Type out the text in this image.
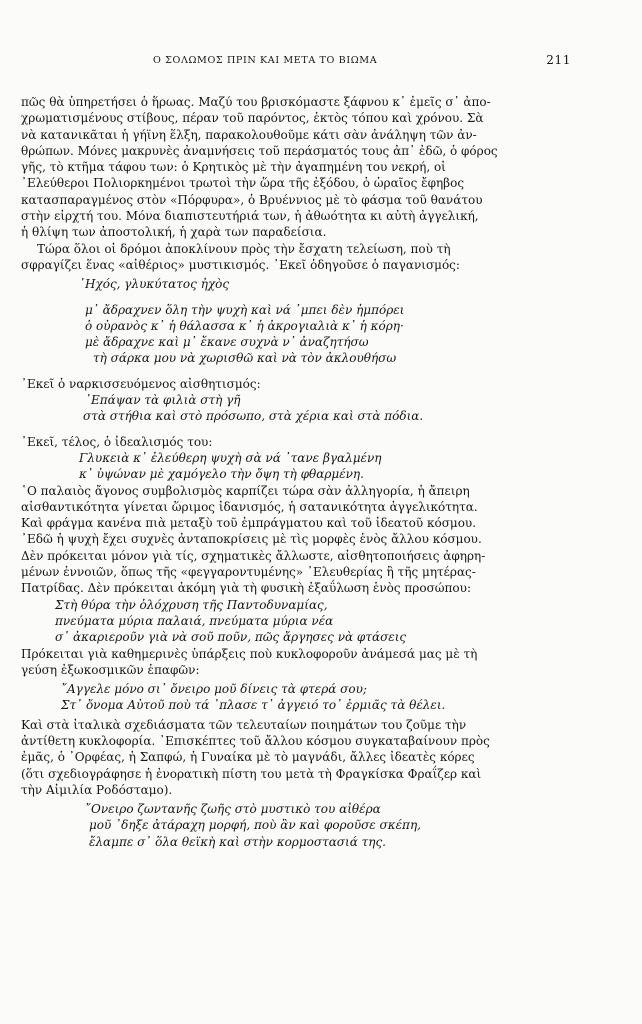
Ο ΣΟΛΩΜΟΣ ΠΡΙΝ ΚΑΙ ΜΕΤΑ ΤΟ ΒΙΩΜΑ	211

πῶς θὰ ὑπηρετήσει ὁ ἥρωας. Μαζύ του βρισκόμαστε ξάφνου κ᾿ ἐμεῖς σ᾿ ἀπο-
χρωματισμένους στίβους, πέραν τοῦ παρόντος, ἐκτὸς τόπου καὶ χρόνου. Σὰ
νὰ κατανικᾶται ἡ γήϊνη ἕλξη, παρακολουθοῦμε κάτι σὰν ἀνάληψη τῶν ἀν-
θρώπων. Μόνες μακρυνὲς ἀναμνήσεις τοῦ περάσματός τους ἀπ᾿ ἐδῶ, ὁ φόρος
γῆς, τὸ κτῆμα τάφου των: ὁ Κρητικὸς μὲ τὴν ἀγαπημένη του νεκρή, οἱ
᾿Ελεύθεροι Πολιορκημένοι τρωτοὶ τὴν ὥρα τῆς ἐξόδου, ὁ ὡραῖος ἔφηβος
κατασπαραγμένος στὸν «Πόρφυρα», ὁ Βρυέννιος μὲ τὸ φάσμα τοῦ θανάτου
στὴν εἰρχτή του. Μόνα διαπιστευτήριά των, ἡ ἀθωότητα κι αὐτὴ ἀγγελική,
ἡ θλίψη των ἀποστολική, ἡ χαρὰ των παραδείσια.

Τώρα ὅλοι οἱ δρόμοι ἀποκλίνουν πρὸς τὴν ἔσχατη τελείωση, ποὺ τὴ
σφραγίζει ἕνας «αἰθέριος» μυστικισμός. ᾿Εκεῖ ὁδηγοῦσε ὁ παγανισμός:

᾿Ηχός, γλυκύτατος ἠχὸς
μ᾿ ἄδραχνεν ὅλη τὴν ψυχὴ καὶ νά ᾿μπει δὲν ἠμπόρει
ὁ οὐρανὸς κ᾿ ἡ θάλασσα κ᾿ ἡ ἀκρογιαλιὰ κ᾿ ἡ κόρη·
μὲ ἄδραχνε καὶ μ᾿ ἔκανε συχνὰ ν᾿ ἀναζητήσω
τὴ σάρκα μου νὰ χωρισθῶ καὶ νὰ τὸν ἀκλουθήσω

᾿Εκεῖ ὁ ναρκισσευόμενος αἰσθητισμός:

᾿Επάψαν τὰ φιλιὰ στὴ γῆ
στὰ στήθια καὶ στὸ πρόσωπο, στὰ χέρια καὶ στὰ πόδια.

᾿Εκεῖ, τέλος, ὁ ἰδεαλισμός του:

Γλυκειὰ κ᾿ ἐλεύθερη ψυχὴ σὰ νά ᾿τανε βγαλμένη
κ᾿ ὑψώναν μὲ χαμόγελο τὴν ὄψη τὴ φθαρμένη.

῾Ο παλαιὸς ἄγονος συμβολισμὸς καρπίζει τώρα σὰν ἀλληγορία, ἡ ἄπειρη
αἰσθαντικότητα γίνεται ὥριμος ἰδανισμός, ἡ σατανικότητα ἀγγελικότητα.
Καὶ φράγμα κανένα πιὰ μεταξὺ τοῦ ἐμπράγματου καὶ τοῦ ἰδεατοῦ κόσμου.
᾿Εδῶ ἡ ψυχὴ ἔχει συχνὲς ἀνταποκρίσεις μὲ τὶς μορφὲς ἑνὸς ἄλλου κόσμου.
Δὲν πρόκειται μόνον γιὰ τίς, σχηματικὲς ἄλλωστε, αἰσθητοποιήσεις ἀφηρη-
μένων ἐννοιῶν, ὅπως τῆς «φεγγαροντυμένης» ᾿Ελευθερίας ἢ τῆς μητέρας-
Πατρίδας. Δὲν πρόκειται ἀκόμη γιὰ τὴ φυσικὴ ἐξαΰλωση ἑνὸς προσώπου:

Στὴ θύρα τὴν ὁλόχρυση τῆς Παντοδυναμίας,
πνεύματα μύρια παλαιά, πνεύματα μύρια νέα
σ᾿ ἀκαριεροῦν γιὰ νὰ σοῦ ποῦν, πῶς ἄργησες νὰ φτάσεις

Πρόκειται γιὰ καθημερινὲς ὑπάρξεις ποὺ κυκλοφοροῦν ἀνάμεσά μας μὲ τὴ
γεύση ἐξωκοσμικῶν ἐπαφῶν:

῎Αγγελε μόνο σι᾿ ὄνειρο μοῦ δίνεις τὰ φτερά σου;
Στ᾿ ὄνομα Αὐτοῦ ποὺ τά ᾿πλασε τ᾿ ἀγγειό το᾿ ἐρμιᾶς τὰ θέλει.

Καὶ στὰ ἰταλικὰ σχεδιάσματα τῶν τελευταίων ποιημάτων του ζοῦμε τὴν
ἀντίθετη κυκλοφορία. ᾿Επισκέπτες τοῦ ἄλλου κόσμου συγκαταβαίνουν πρὸς
ἐμᾶς, ὁ ᾿Ορφέας, ἡ Σαπφώ, ἡ Γυναίκα μὲ τὸ μαγνάδι, ἄλλες ἰδεατὲς κόρες
(ὅτι σχεδιογράφησε ἡ ἐνορατικὴ πίστη του μετὰ τὴ Φραγκίσκα Φραΐζερ καὶ
τὴν Αἰμιλία Ροδόσταμο).

῎Ονειρο ζωντανῆς ζωῆς στὸ μυστικὸ του αἰθέρα
μοῦ ᾿δηξε ἀτάραχη μορφή, ποὺ ἂν καὶ φοροῦσε σκέπη,
ἔλαμπε σ᾿ ὅλα θεϊκὴ καὶ στὴν κορμοστασιά της.
